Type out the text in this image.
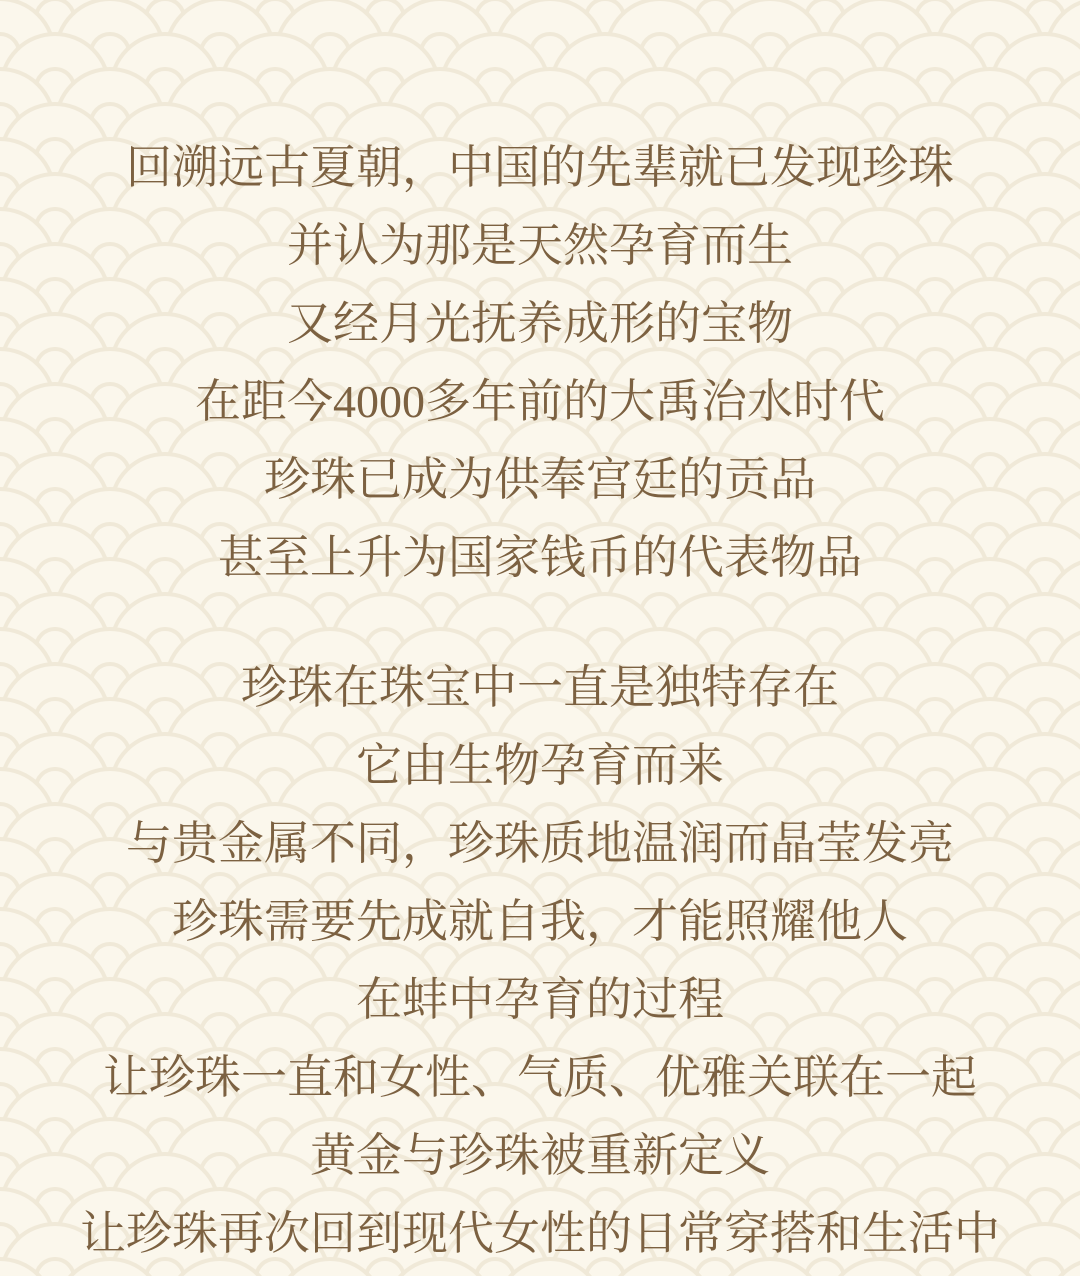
回溯远古夏朝，中国的先辈就已发现珍珠
并认为那是天然孕育而生
又经月光抚养成形的宝物
在距今4000多年前的大禹治水时代
珍珠已成为供奉宫廷的贡品
甚至上升为国家钱币的代表物品
珍珠在珠宝中一直是独特存在
它由生物孕育而来
与贵金属不同，珍珠质地温润而晶莹发亮
珍珠需要先成就自我，才能照耀他人
在蚌中孕育的过程
让珍珠一直和女性、气质、优雅关联在一起
黄金与珍珠被重新定义
让珍珠再次回到现代女性的日常穿搭和生活中
